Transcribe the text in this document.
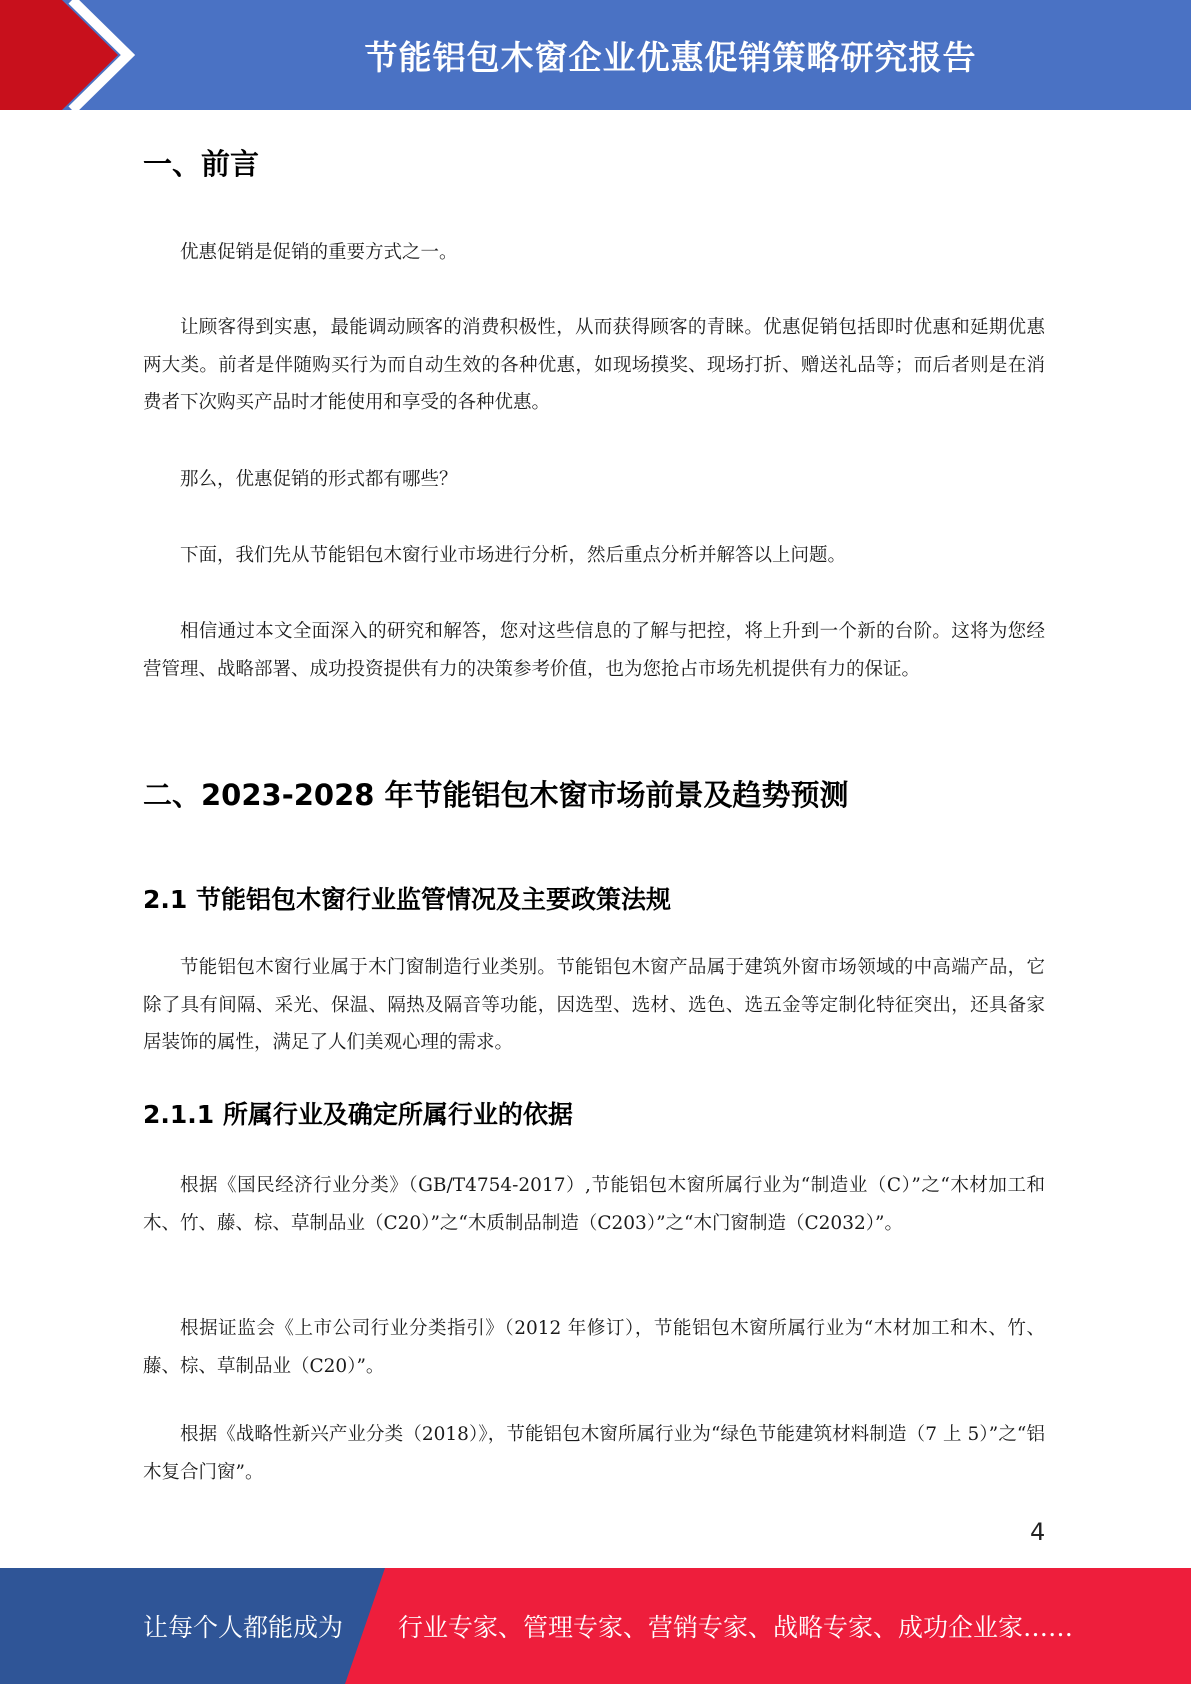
节能铝包木窗企业优惠促销策略研究报告
一、前言

优惠促销是促销的重要方式之一。

让顾客得到实惠，最能调动顾客的消费积极性，从而获得顾客的青睐。优惠促销包括即时优惠和延期优惠两大类。前者是伴随购买行为而自动生效的各种优惠，如现场摸奖、现场打折、赠送礼品等；而后者则是在消费者下次购买产品时才能使用和享受的各种优惠。

那么，优惠促销的形式都有哪些？

下面，我们先从节能铝包木窗行业市场进行分析，然后重点分析并解答以上问题。

相信通过本文全面深入的研究和解答，您对这些信息的了解与把控，将上升到一个新的台阶。这将为您经营管理、战略部署、成功投资提供有力的决策参考价值，也为您抢占市场先机提供有力的保证。

二、2023-2028 年节能铝包木窗市场前景及趋势预测
2.1 节能铝包木窗行业监管情况及主要政策法规

节能铝包木窗行业属于木门窗制造行业类别。节能铝包木窗产品属于建筑外窗市场领域的中高端产品，它除了具有间隔、采光、保温、隔热及隔音等功能，因选型、选材、选色、选五金等定制化特征突出，还具备家居装饰的属性，满足了人们美观心理的需求。

2.1.1 所属行业及确定所属行业的依据

根据《国民经济行业分类》（GB/T4754-2017）,节能铝包木窗所属行业为“制造业（C）”之“木材加工和木、竹、藤、棕、草制品业（C20）”之“木质制品制造（C203）”之“木门窗制造（C2032）”。

根据证监会《上市公司行业分类指引》（2012 年修订），节能铝包木窗所属行业为“木材加工和木、竹、藤、棕、草制品业（C20）”。

根据《战略性新兴产业分类（2018）》，节能铝包木窗所属行业为“绿色节能建筑材料制造（7 上 5）”之“铝木复合门窗”。

4
让每个人都能成为 行业专家、管理专家、营销专家、战略专家、成功企业家……
